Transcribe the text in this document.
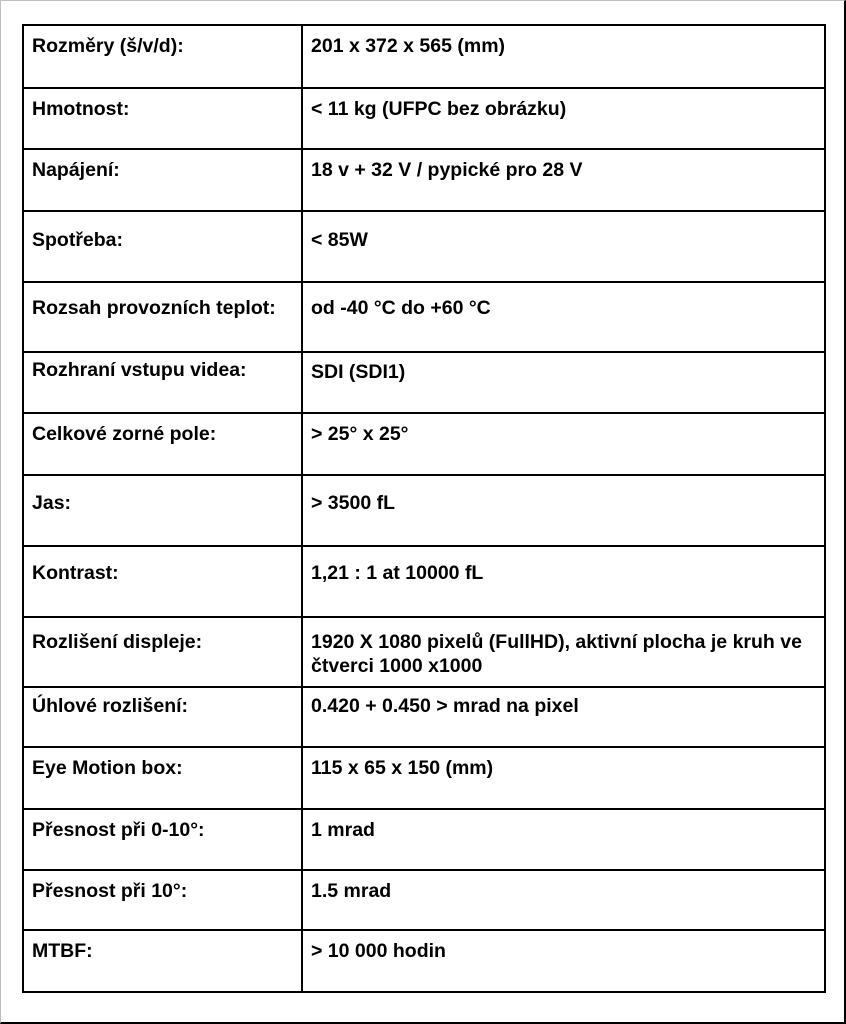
Rozměry (š/v/d):	201 x 372 x 565 (mm)
Hmotnost:	< 11 kg (UFPC bez obrázku)
Napájení:	18 v + 32 V / pypické pro 28 V
Spotřeba:	< 85W
Rozsah provozních teplot:	od -40 °C do +60 °C
Rozhraní vstupu videa:	SDI (SDI1)
Celkové zorné pole:	> 25° x 25°
Jas:	> 3500 fL
Kontrast:	1,21 : 1 at 10000 fL
Rozlišení displeje:	1920 X 1080 pixelů (FullHD), aktivní plocha je kruh ve čtverci 1000 x1000
Úhlové rozlišení:	0.420 + 0.450 > mrad na pixel
Eye Motion box:	115 x 65 x 150 (mm)
Přesnost při 0-10°:	1 mrad
Přesnost při 10°:	1.5 mrad
MTBF:	> 10 000 hodin
